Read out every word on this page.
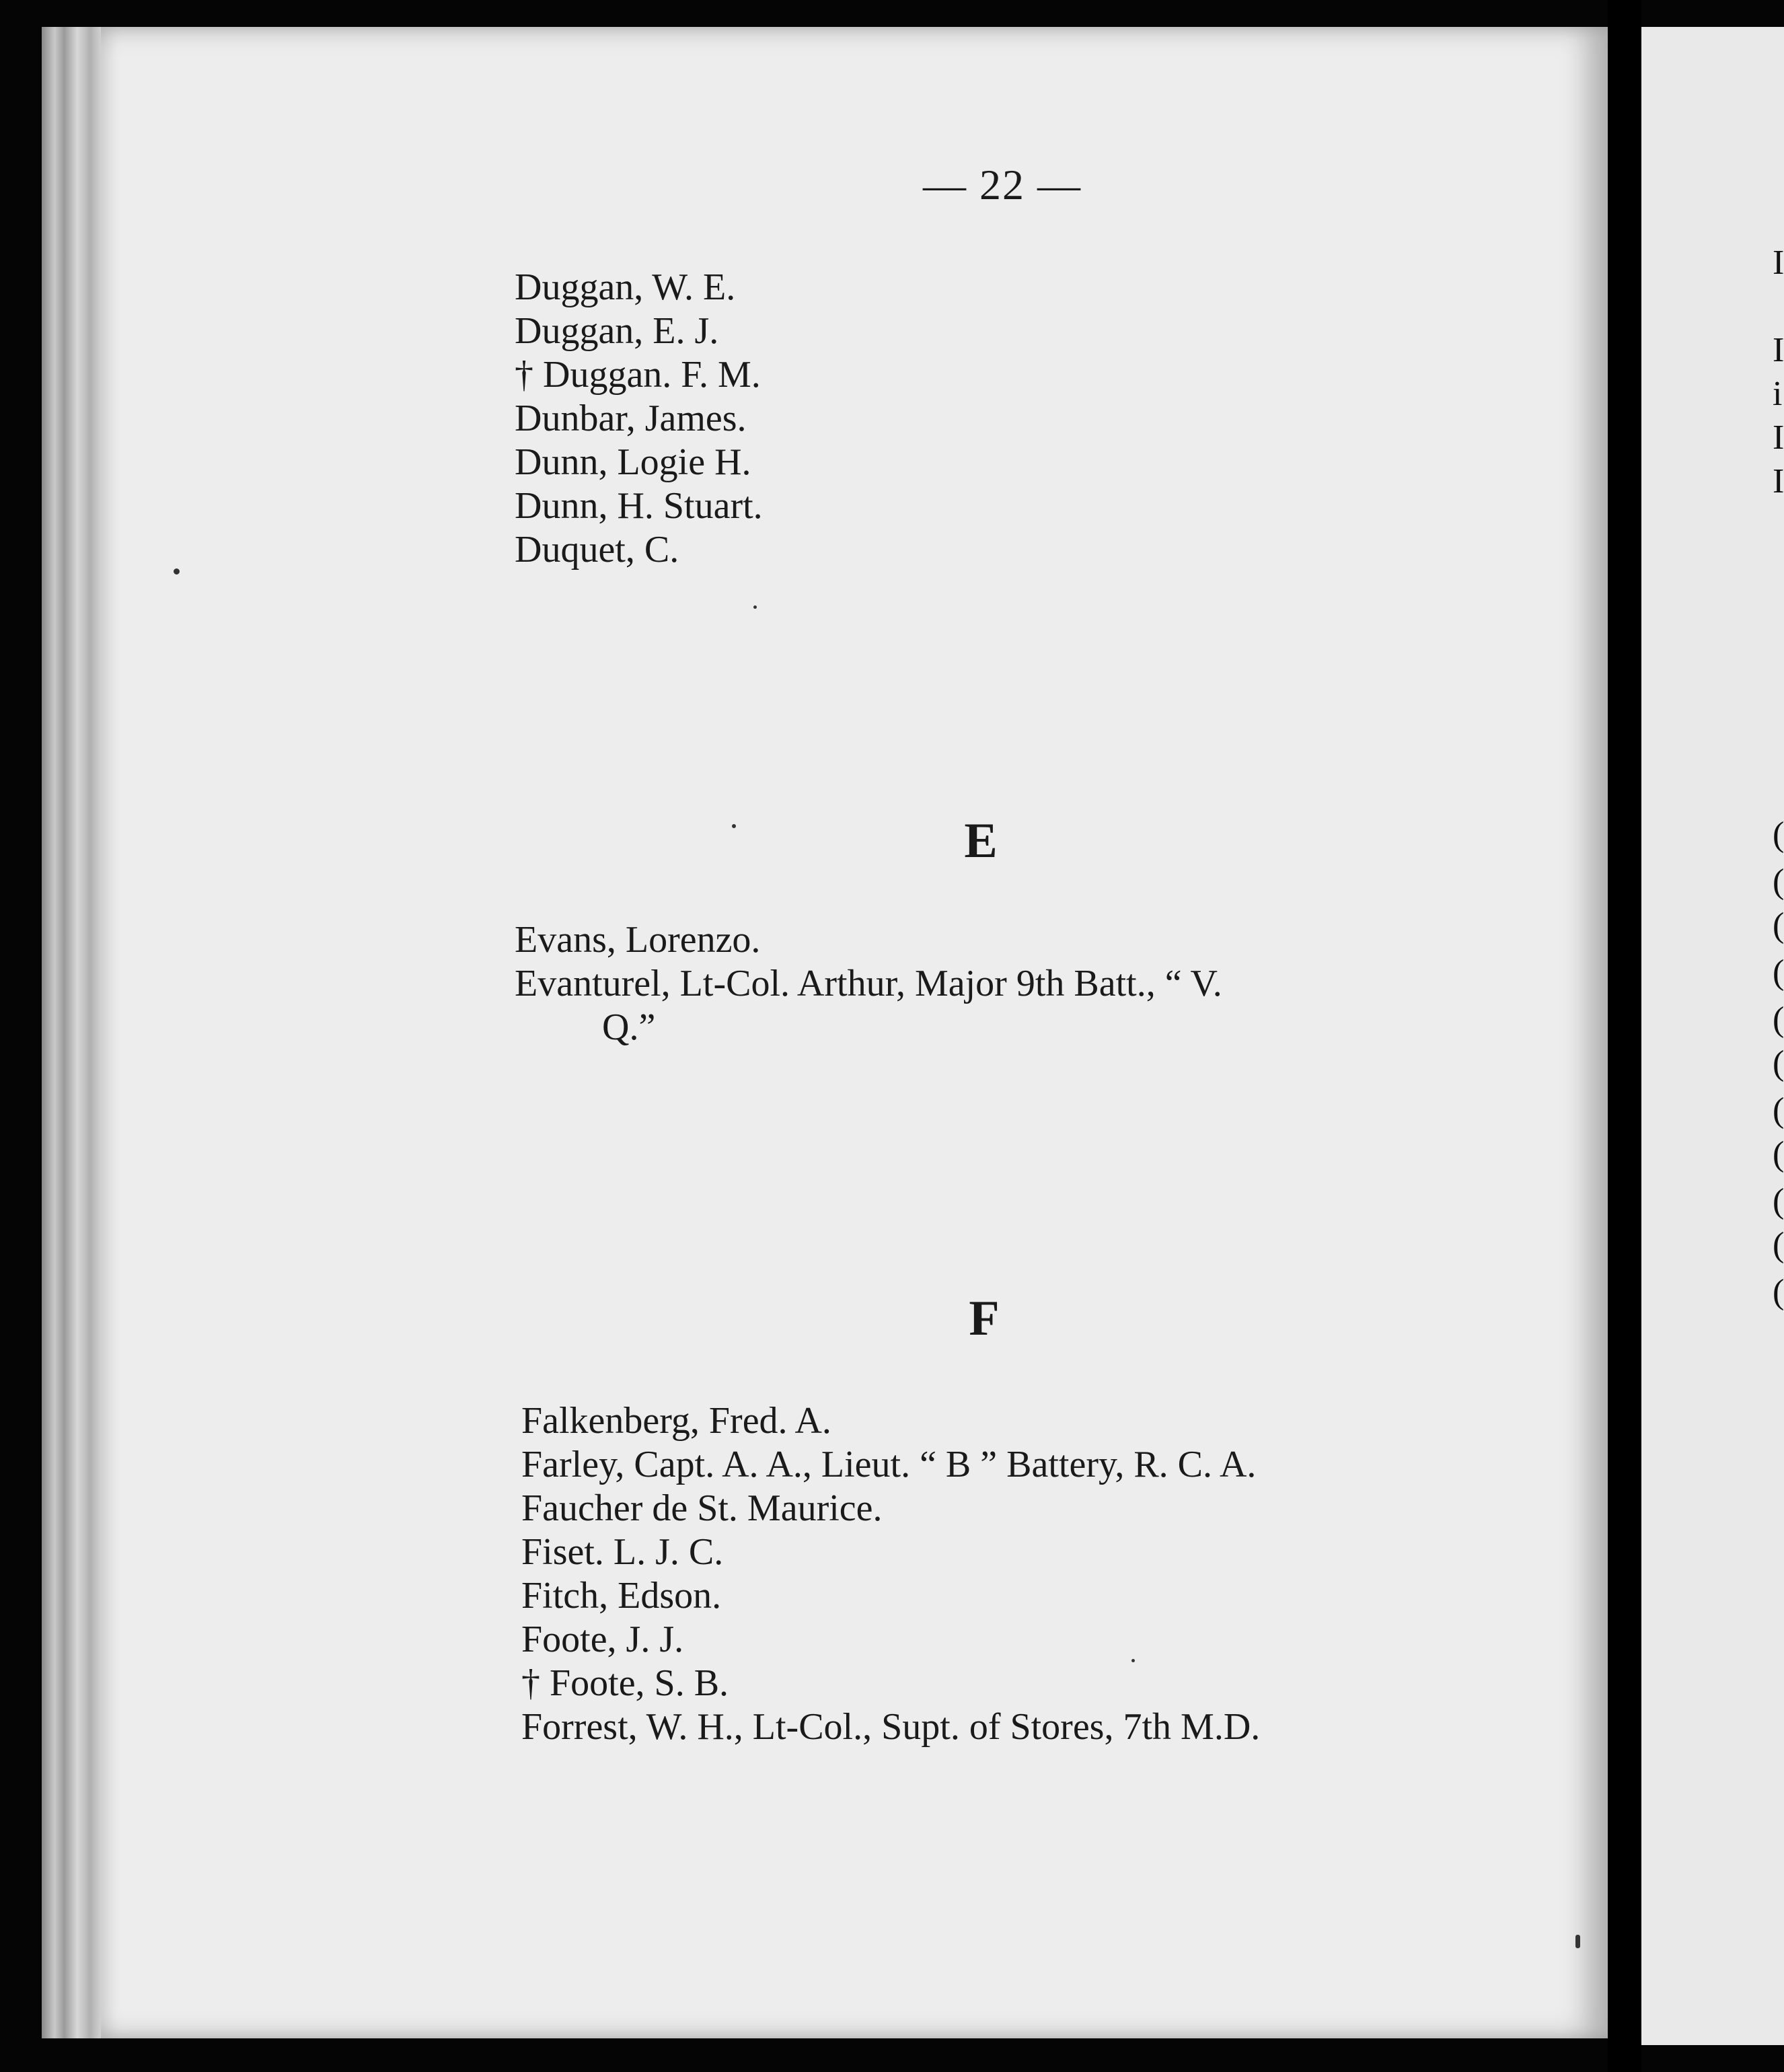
I
I
i
I
I
(
(
(
(
(
(
(
(
(
(
(
— 22 —
Duggan, W. E.
Duggan, E. J.
† Duggan. F. M.
Dunbar, James.
Dunn, Logie H.
Dunn, H. Stuart.
Duquet, C.
E
Evans, Lorenzo.
Evanturel, Lt-Col. Arthur, Major 9th Batt., “ V.
Q.”
F
Falkenberg, Fred. A.
Farley, Capt. A. A., Lieut. “ B ” Battery, R. C. A.
Faucher de St. Maurice.
Fiset. L. J. C.
Fitch, Edson.
Foote, J. J.
† Foote, S. B.
Forrest, W. H., Lt-Col., Supt. of Stores, 7th M.D.
